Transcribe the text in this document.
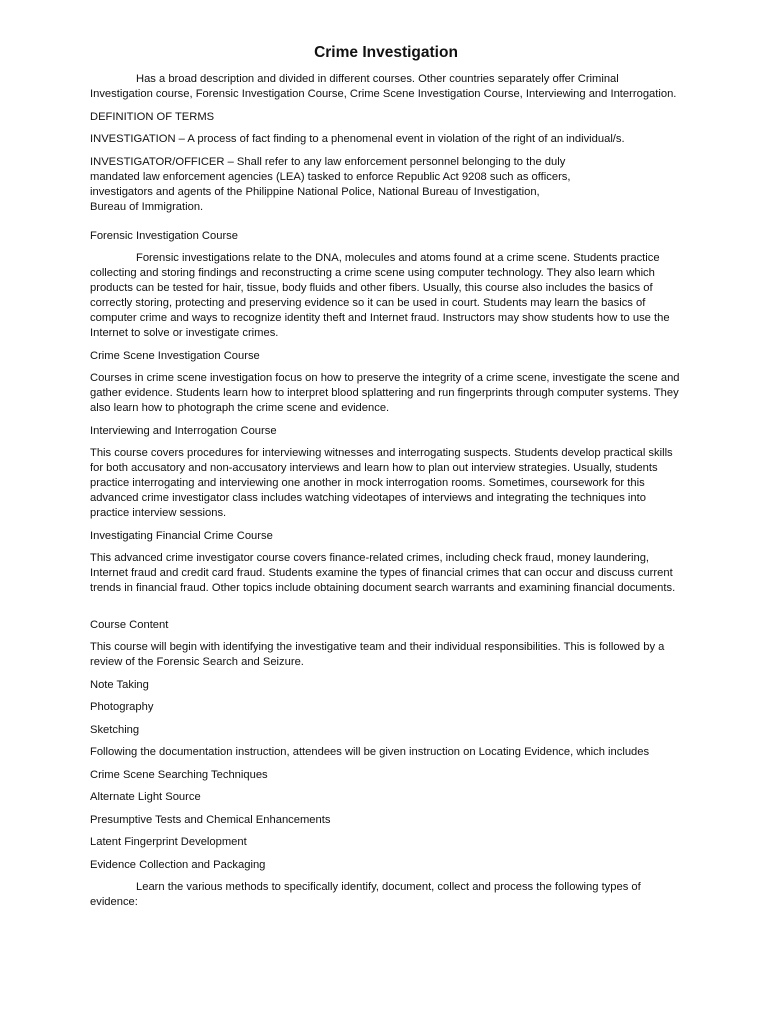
Crime Investigation

Has a broad description and divided in different courses. Other countries separately offer Criminal Investigation course, Forensic Investigation Course, Crime Scene Investigation Course, Interviewing and Interrogation.

DEFINITION OF TERMS

INVESTIGATION – A process of fact finding to a phenomenal event in violation of the right of an individual/s.

INVESTIGATOR/OFFICER – Shall refer to any law enforcement personnel belonging to the duly mandated law enforcement agencies (LEA) tasked to enforce Republic Act 9208 such as officers, investigators and agents of the Philippine National Police, National Bureau of Investigation, Bureau of Immigration.

Forensic Investigation Course

Forensic investigations relate to the DNA, molecules and atoms found at a crime scene. Students practice collecting and storing findings and reconstructing a crime scene using computer technology. They also learn which products can be tested for hair, tissue, body fluids and other fibers. Usually, this course also includes the basics of correctly storing, protecting and preserving evidence so it can be used in court. Students may learn the basics of computer crime and ways to recognize identity theft and Internet fraud. Instructors may show students how to use the Internet to solve or investigate crimes.

Crime Scene Investigation Course

Courses in crime scene investigation focus on how to preserve the integrity of a crime scene, investigate the scene and gather evidence. Students learn how to interpret blood splattering and run fingerprints through computer systems. They also learn how to photograph the crime scene and evidence.

Interviewing and Interrogation Course

This course covers procedures for interviewing witnesses and interrogating suspects. Students develop practical skills for both accusatory and non-accusatory interviews and learn how to plan out interview strategies. Usually, students practice interrogating and interviewing one another in mock interrogation rooms. Sometimes, coursework for this advanced crime investigator class includes watching videotapes of interviews and integrating the techniques into practice interview sessions.

Investigating Financial Crime Course

This advanced crime investigator course covers finance-related crimes, including check fraud, money laundering, Internet fraud and credit card fraud. Students examine the types of financial crimes that can occur and discuss current trends in financial fraud. Other topics include obtaining document search warrants and examining financial documents.

Course Content

This course will begin with identifying the investigative team and their individual responsibilities. This is followed by a review of the Forensic Search and Seizure.

Note Taking

Photography

Sketching

Following the documentation instruction, attendees will be given instruction on Locating Evidence, which includes

Crime Scene Searching Techniques

Alternate Light Source

Presumptive Tests and Chemical Enhancements

Latent Fingerprint Development

Evidence Collection and Packaging

Learn the various methods to specifically identify, document, collect and process the following types of evidence:
